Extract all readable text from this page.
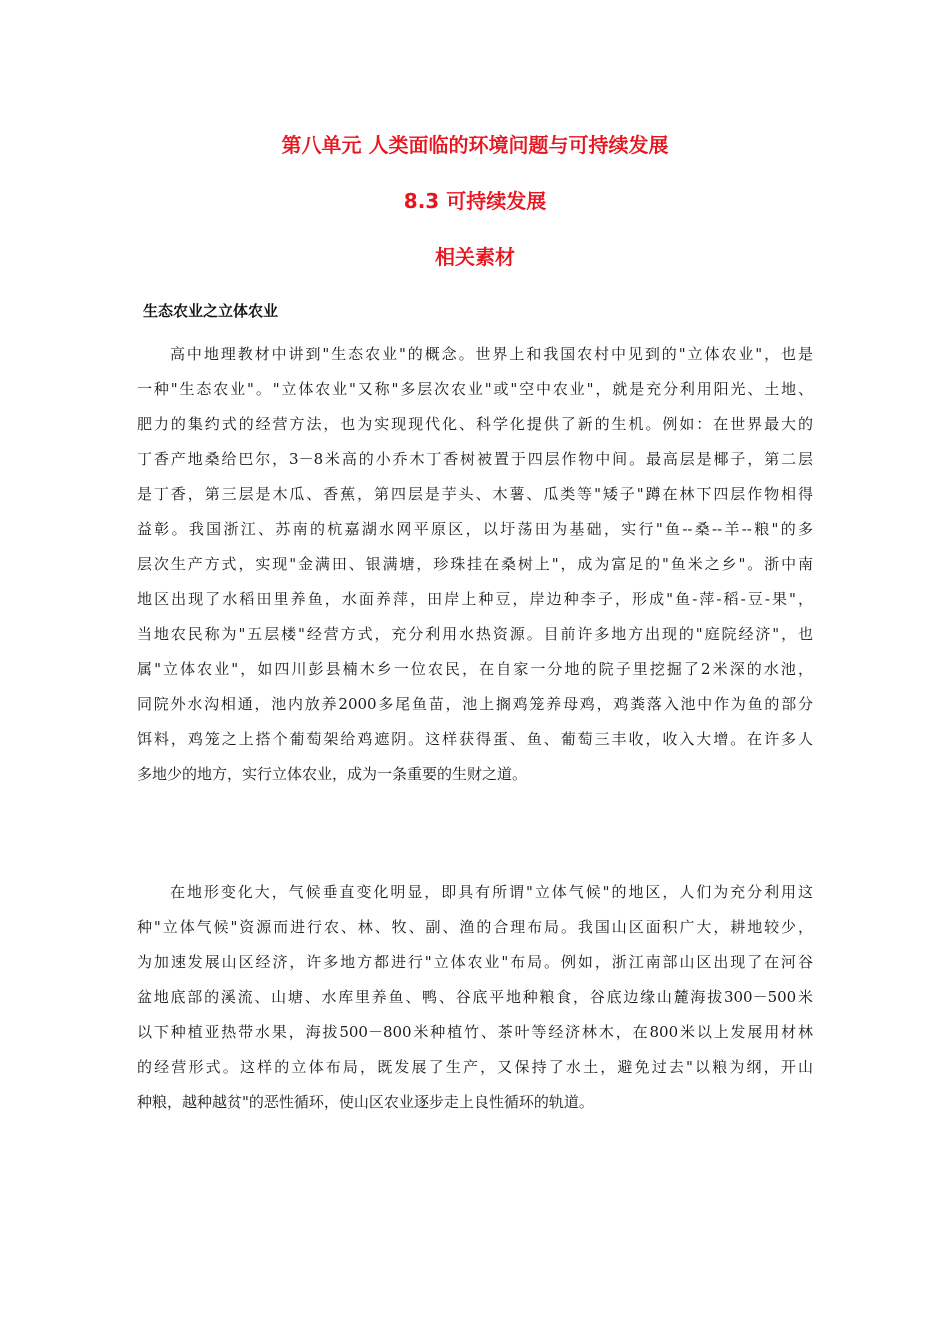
第八单元 人类面临的环境问题与可持续发展
8.3 可持续发展
相关素材
生态农业之立体农业
高中地理教材中讲到"生态农业"的概念。世界上和我国农村中见到的"立体农业"，也是
一种"生态农业"。"立体农业"又称"多层次农业"或"空中农业"，就是充分利用阳光、土地、
肥力的集约式的经营方法，也为实现现代化、科学化提供了新的生机。例如：在世界最大的
丁香产地桑给巴尔，3－8米高的小乔木丁香树被置于四层作物中间。最高层是椰子，第二层
是丁香，第三层是木瓜、香蕉，第四层是芋头、木薯、瓜类等"矮子"蹲在林下四层作物相得
益彰。我国浙江、苏南的杭嘉湖水网平原区，以圩荡田为基础，实行"鱼--桑--羊--粮"的多
层次生产方式，实现"金满田、银满塘，珍珠挂在桑树上"，成为富足的"鱼米之乡"。浙中南
地区出现了水稻田里养鱼，水面养萍，田岸上种豆，岸边种李子，形成"鱼-萍-稻-豆-果"，
当地农民称为"五层楼"经营方式，充分利用水热资源。目前许多地方出现的"庭院经济"，也
属"立体农业"，如四川彭县楠木乡一位农民，在自家一分地的院子里挖掘了2米深的水池，
同院外水沟相通，池内放养2000多尾鱼苗，池上搁鸡笼养母鸡，鸡粪落入池中作为鱼的部分
饵料，鸡笼之上搭个葡萄架给鸡遮阴。这样获得蛋、鱼、葡萄三丰收，收入大增。在许多人
多地少的地方，实行立体农业，成为一条重要的生财之道。
在地形变化大，气候垂直变化明显，即具有所谓"立体气候"的地区，人们为充分利用这
种"立体气候"资源而进行农、林、牧、副、渔的合理布局。我国山区面积广大，耕地较少，
为加速发展山区经济，许多地方都进行"立体农业"布局。例如，浙江南部山区出现了在河谷
盆地底部的溪流、山塘、水库里养鱼、鸭、谷底平地种粮食，谷底边缘山麓海拔300－500米
以下种植亚热带水果，海拔500－800米种植竹、茶叶等经济林木，在800米以上发展用材林
的经营形式。这样的立体布局，既发展了生产，又保持了水土，避免过去"以粮为纲，开山
种粮，越种越贫"的恶性循环，使山区农业逐步走上良性循环的轨道。
